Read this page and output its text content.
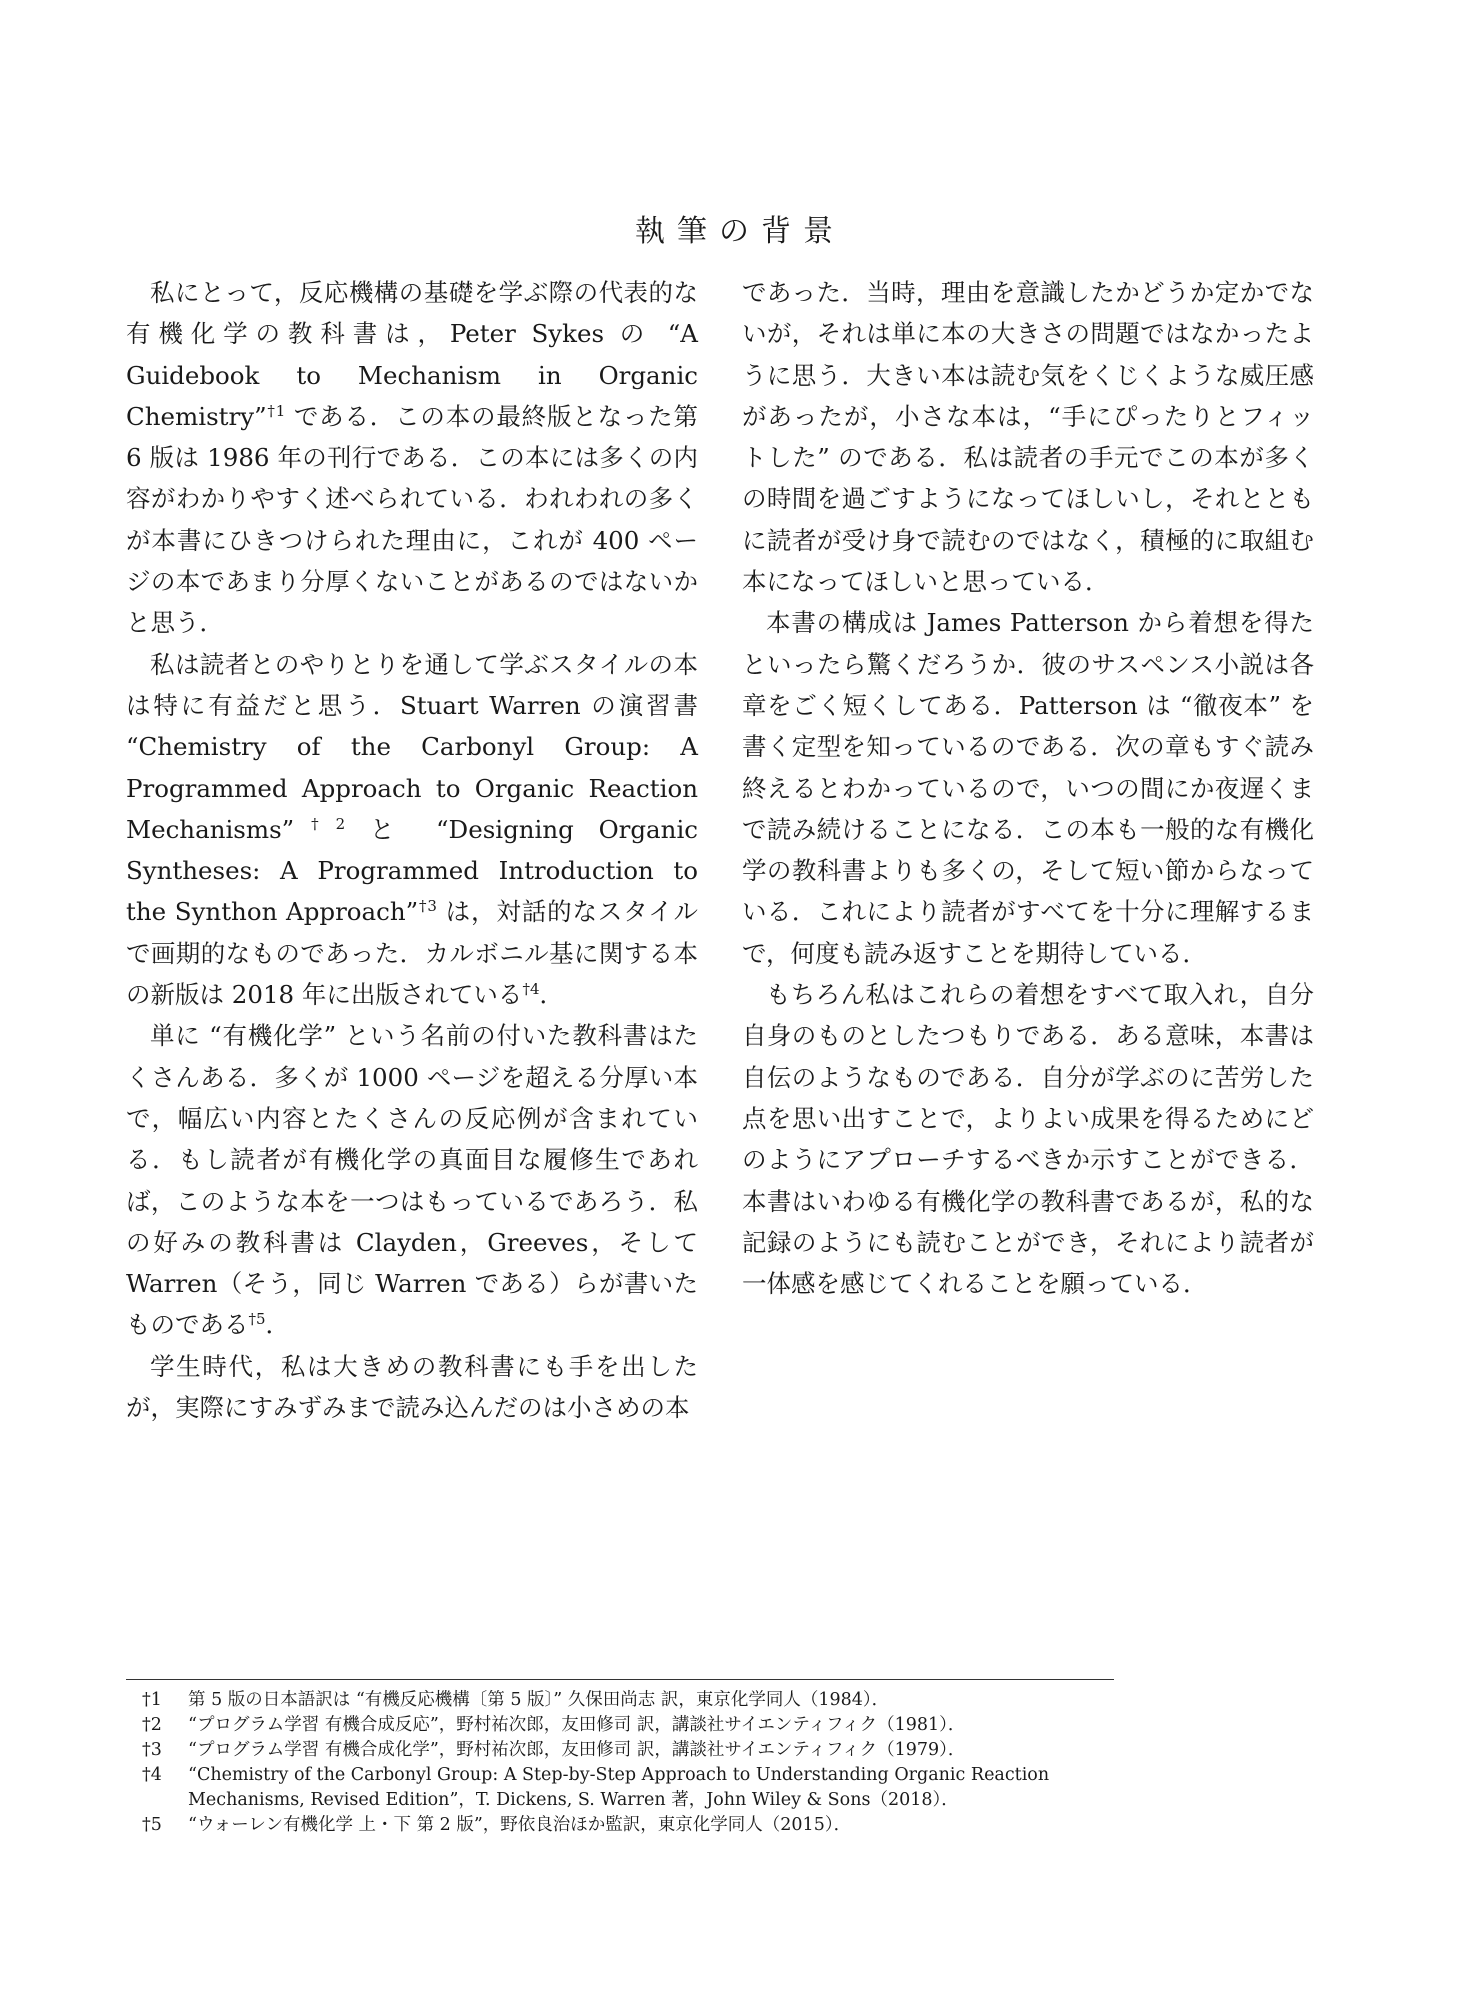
執筆の背景

私にとって，反応機構の基礎を学ぶ際の代表的な有機化学の教科書は，Peter Sykes の “A Guidebook to Mechanism in Organic Chemistry”$^{\dagger 1}$ である．この本の最終版となった第 6 版は 1986 年の刊行である．この本には多くの内容がわかりやすく述べられている．われわれの多くが本書にひきつけられた理由に，これが 400 ページの本であまり分厚くないことがあるのではないかと思う．

私は読者とのやりとりを通して学ぶスタイルの本は特に有益だと思う．Stuart Warren の演習書 “Chemistry of the Carbonyl Group: A Programmed Approach to Organic Reaction Mechanisms”$^{\dagger 2}$ と “Designing Organic Syntheses: A Programmed Introduction to the Synthon Approach”$^{\dagger 3}$ は，対話的なスタイルで画期的なものであった．カルボニル基に関する本の新版は 2018 年に出版されている$^{\dagger 4}$．

単に “有機化学” という名前の付いた教科書はたくさんある．多くが 1000 ページを超える分厚い本で，幅広い内容とたくさんの反応例が含まれている．もし読者が有機化学の真面目な履修生であれば，このような本を一つはもっているであろう．私の好みの教科書は Clayden，Greeves，そして Warren（そう，同じ Warren である）らが書いたものである$^{\dagger 5}$．

学生時代，私は大きめの教科書にも手を出したが，実際にすみずみまで読み込んだのは小さめの本

であった．当時，理由を意識したかどうか定かでないが，それは単に本の大きさの問題ではなかったように思う．大きい本は読む気をくじくような威圧感があったが，小さな本は，“手にぴったりとフィットした” のである．私は読者の手元でこの本が多くの時間を過ごすようになってほしいし，それとともに読者が受け身で読むのではなく，積極的に取組む本になってほしいと思っている．

本書の構成は James Patterson から着想を得たといったら驚くだろうか．彼のサスペンス小説は各章をごく短くしてある．Patterson は “徹夜本” を書く定型を知っているのである．次の章もすぐ読み終えるとわかっているので，いつの間にか夜遅くまで読み続けることになる．この本も一般的な有機化学の教科書よりも多くの，そして短い節からなっている．これにより読者がすべてを十分に理解するまで，何度も読み返すことを期待している．

もちろん私はこれらの着想をすべて取入れ，自分自身のものとしたつもりである．ある意味，本書は自伝のようなものである．自分が学ぶのに苦労した点を思い出すことで，よりよい成果を得るためにどのようにアプローチするべきか示すことができる．本書はいわゆる有機化学の教科書であるが，私的な記録のようにも読むことができ，それにより読者が一体感を感じてくれることを願っている．

†1	第 5 版の日本語訳は “有機反応機構〔第 5 版〕” 久保田尚志 訳，東京化学同人（1984）．
†2	“プログラム学習 有機合成反応”，野村祐次郎，友田修司 訳，講談社サイエンティフィク（1981）．
†3	“プログラム学習 有機合成化学”，野村祐次郎，友田修司 訳，講談社サイエンティフィク（1979）．
†4	“Chemistry of the Carbonyl Group: A Step-by-Step Approach to Understanding Organic Reaction Mechanisms, Revised Edition”，T. Dickens, S. Warren 著，John Wiley & Sons（2018）．
†5	“ウォーレン有機化学 上・下 第 2 版”，野依良治ほか監訳，東京化学同人（2015）．
